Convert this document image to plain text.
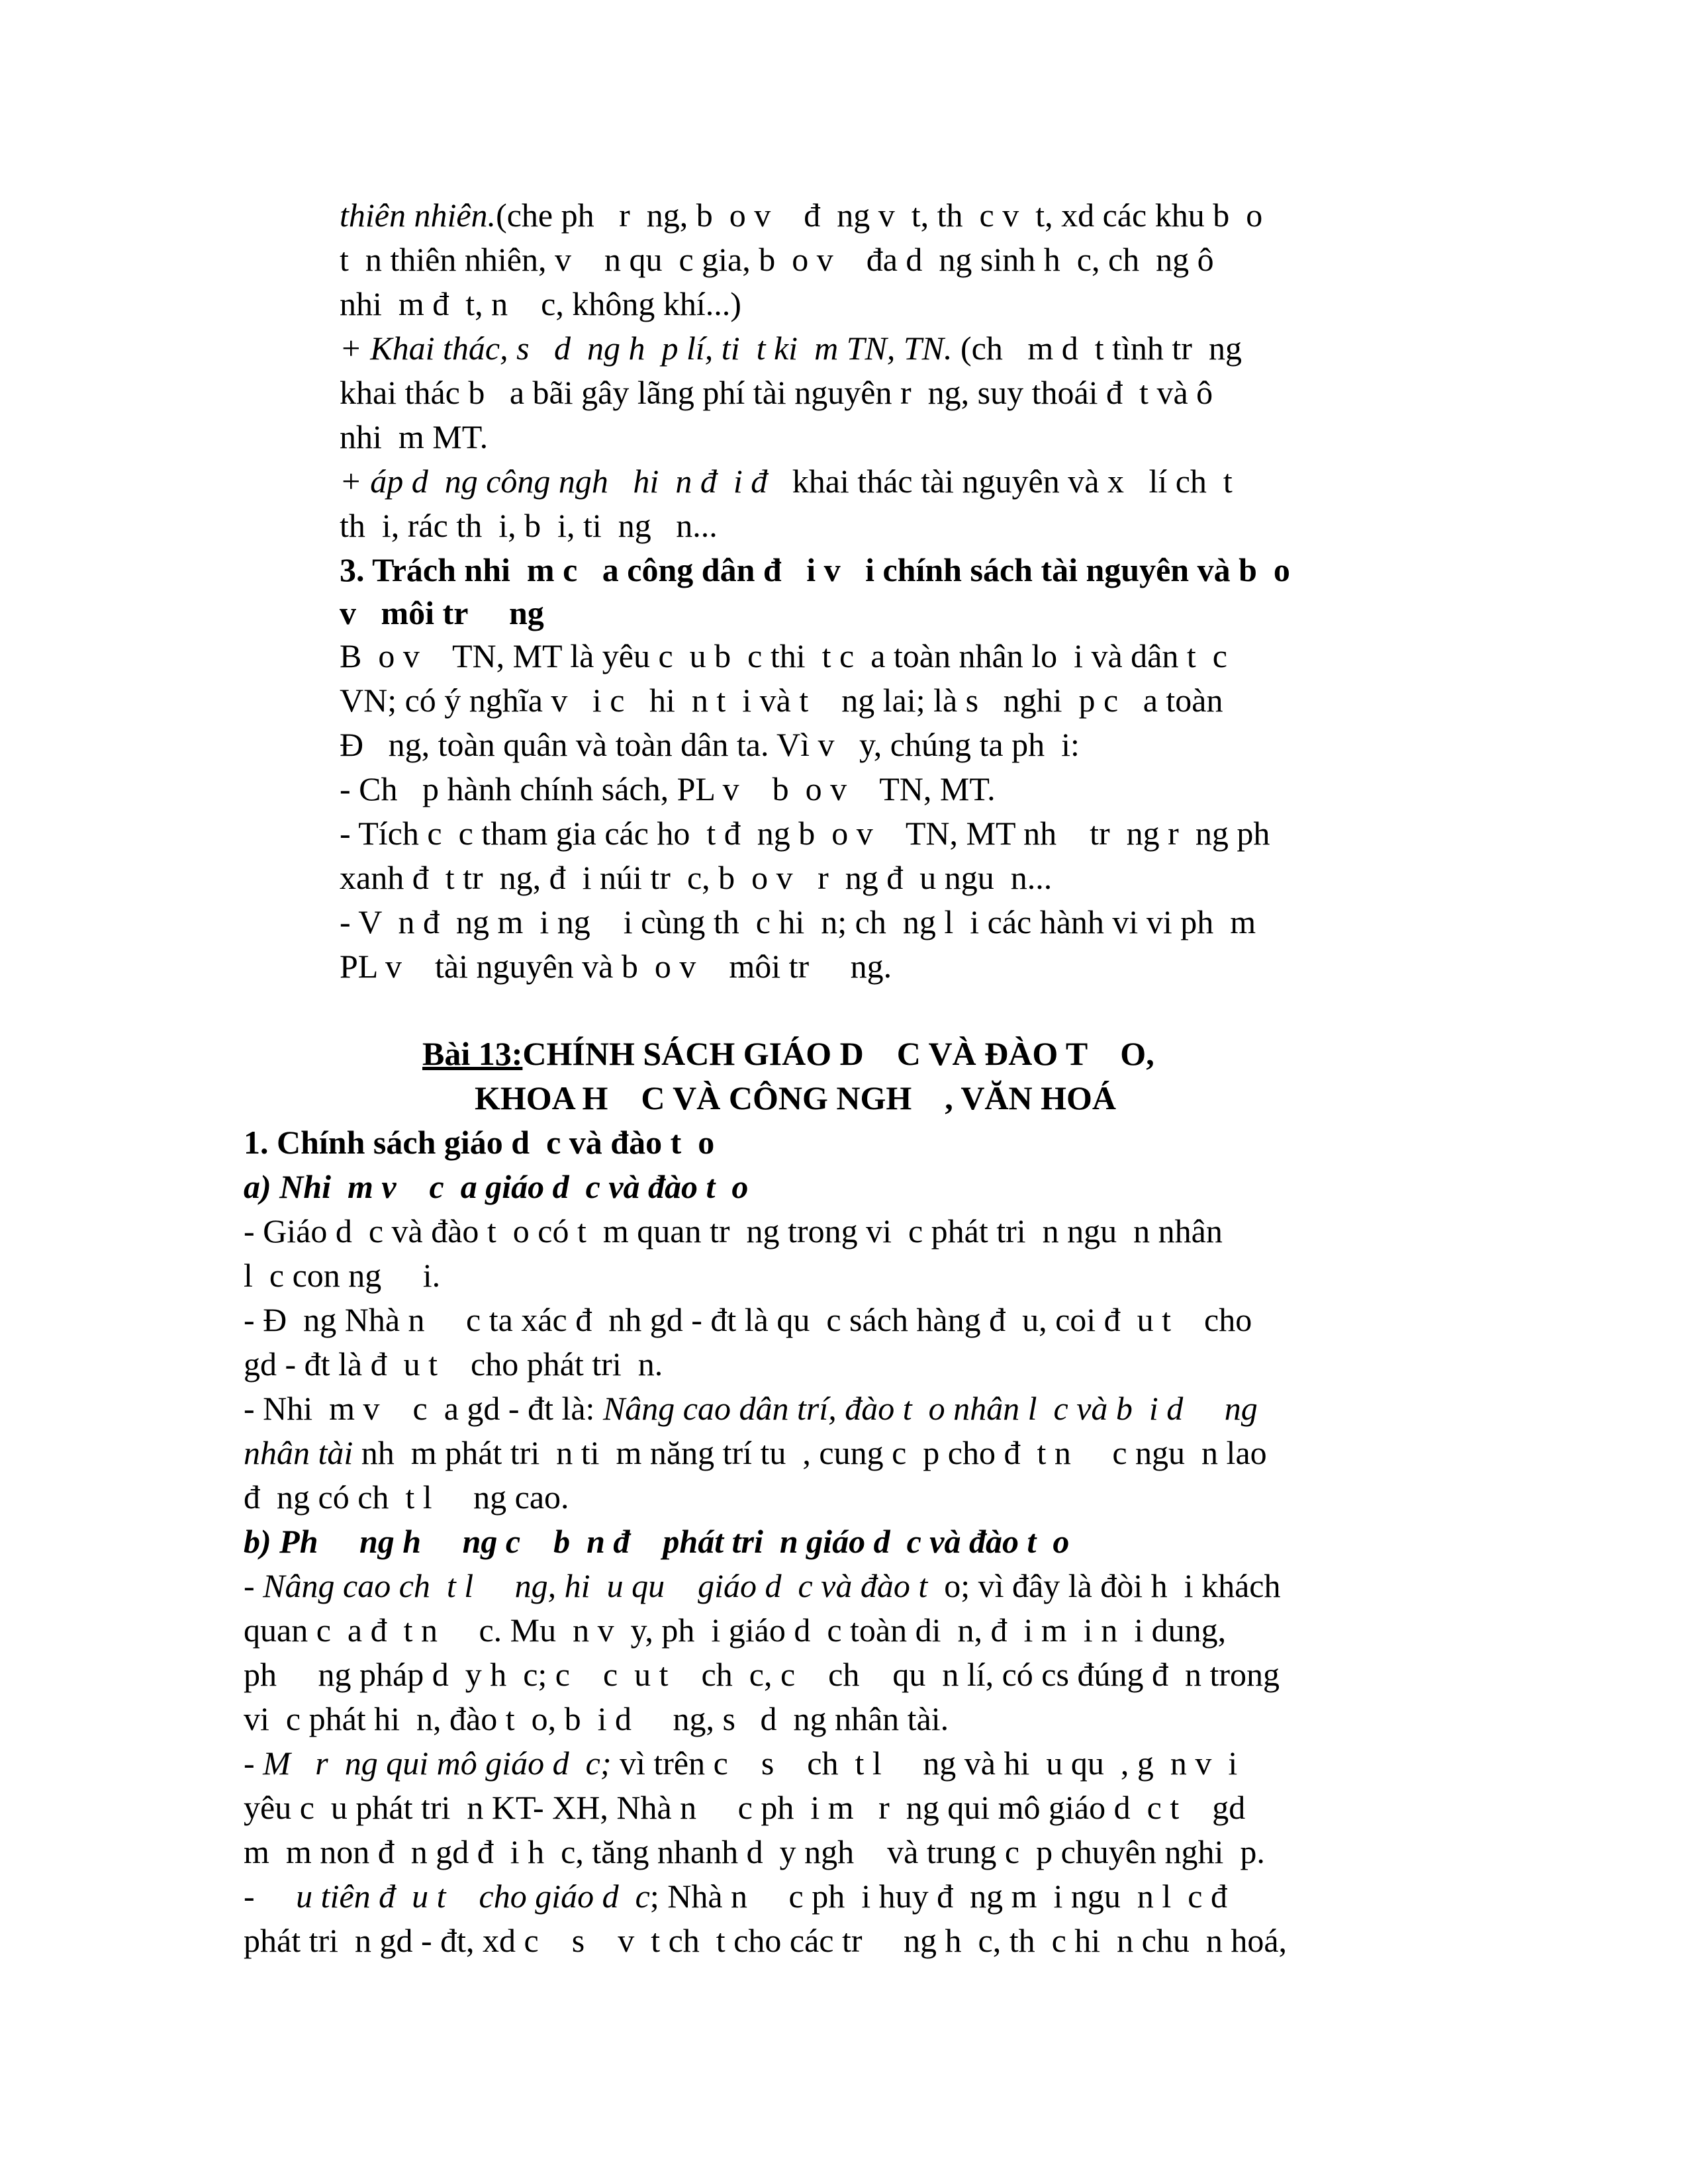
thiên nhiên.(che ph   r  ng, b  o v    đ  ng v  t, th  c v  t, xd các khu b  o
t  n thiên nhiên, v    n qu  c gia, b  o v    đa d  ng sinh h  c, ch  ng ô
nhi  m đ  t, n    c, không khí...)
+ Khai thác, s   d  ng h  p lí, ti  t ki  m TN, TN. (ch   m d  t tình tr  ng
khai thác b   a bãi gây lãng phí tài nguyên r  ng, suy thoái đ  t và ô
nhi  m MT.
+ áp d  ng công ngh   hi  n đ  i đ   khai thác tài nguyên và x   lí ch  t
th  i, rác th  i, b  i, ti  ng   n...
3. Trách nhi  m c   a công dân đ   i v   i chính sách tài nguyên và b  o
v   môi tr     ng
B  o v    TN, MT là yêu c  u b  c thi  t c  a toàn nhân lo  i và dân t  c
VN; có ý nghĩa v   i c   hi  n t  i và t    ng lai; là s   nghi  p c   a toàn
Đ   ng, toàn quân và toàn dân ta. Vì v   y, chúng ta ph  i:
- Ch   p hành chính sách, PL v    b  o v    TN, MT.
- Tích c  c tham gia các ho  t đ  ng b  o v    TN, MT nh    tr  ng r  ng ph
xanh đ  t tr  ng, đ  i núi tr  c, b  o v   r  ng đ  u ngu  n...
- V  n đ  ng m  i ng    i cùng th  c hi  n; ch  ng l  i các hành vi vi ph  m
PL v    tài nguyên và b  o v    môi tr     ng.
Bài 13:CHÍNH SÁCH GIÁO D    C VÀ ĐÀO T    O,
KHOA H    C VÀ CÔNG NGH    , VĂN HOÁ
1. Chính sách giáo d  c và đào t  o
a) Nhi  m v    c  a giáo d  c và đào t  o
- Giáo d  c và đào t  o có t  m quan tr  ng trong vi  c phát tri  n ngu  n nhân
l  c con ng     i.
- Đ  ng Nhà n     c ta xác đ  nh gd - đt là qu  c sách hàng đ  u, coi đ  u t    cho
gd - đt là đ  u t    cho phát tri  n.
- Nhi  m v    c  a gd - đt là: Nâng cao dân trí, đào t  o nhân l  c và b  i d     ng
nhân tài nh  m phát tri  n ti  m năng trí tu  , cung c  p cho đ  t n     c ngu  n lao
đ  ng có ch  t l     ng cao.
b) Ph     ng h     ng c    b  n đ    phát tri  n giáo d  c và đào t  o
- Nâng cao ch  t l     ng, hi  u qu    giáo d  c và đào t  o; vì đây là đòi h  i khách
quan c  a đ  t n     c. Mu  n v  y, ph  i giáo d  c toàn di  n, đ  i m  i n  i dung,
ph     ng pháp d  y h  c; c    c  u t    ch  c, c    ch    qu  n lí, có cs đúng đ  n trong
vi  c phát hi  n, đào t  o, b  i d     ng, s   d  ng nhân tài.
- M   r  ng qui mô giáo d  c; vì trên c    s    ch  t l     ng và hi  u qu  , g  n v  i
yêu c  u phát tri  n KT- XH, Nhà n     c ph  i m   r  ng qui mô giáo d  c t    gd
m  m non đ  n gd đ  i h  c, tăng nhanh d  y ngh    và trung c  p chuyên nghi  p.
-     u tiên đ  u t    cho giáo d  c; Nhà n     c ph  i huy đ  ng m  i ngu  n l  c đ
phát tri  n gd - đt, xd c    s    v  t ch  t cho các tr     ng h  c, th  c hi  n chu  n hoá,
